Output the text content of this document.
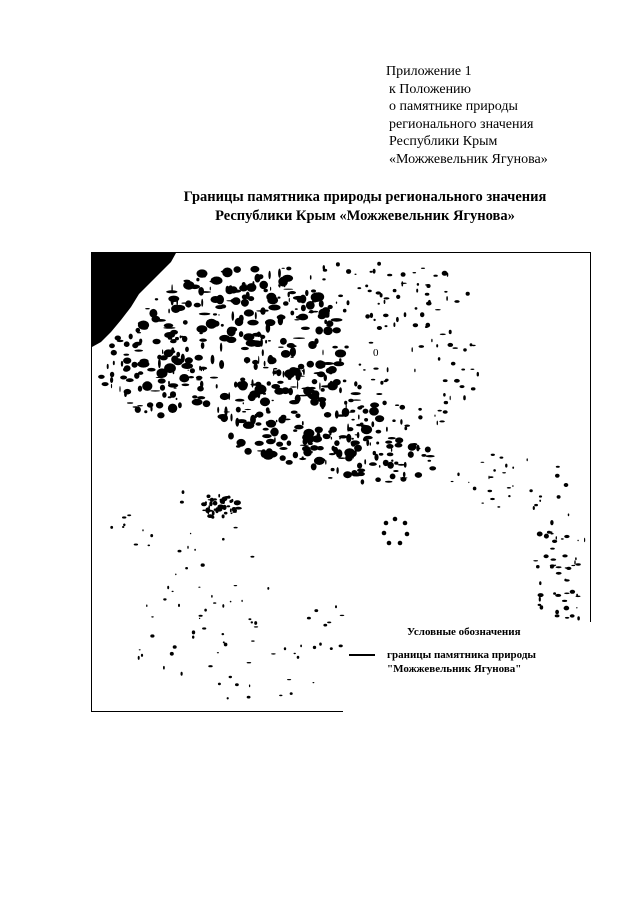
Приложение 1
к Положению
о памятнике природы
регионального значения
Республики Крым
«Можжевельник Ягунова»
Границы памятника природы регионального значения
Республики Крым «Можжевельник Ягунова»
0
Условные обозначения
границы памятника природы
"Можжевельник Ягунова"
